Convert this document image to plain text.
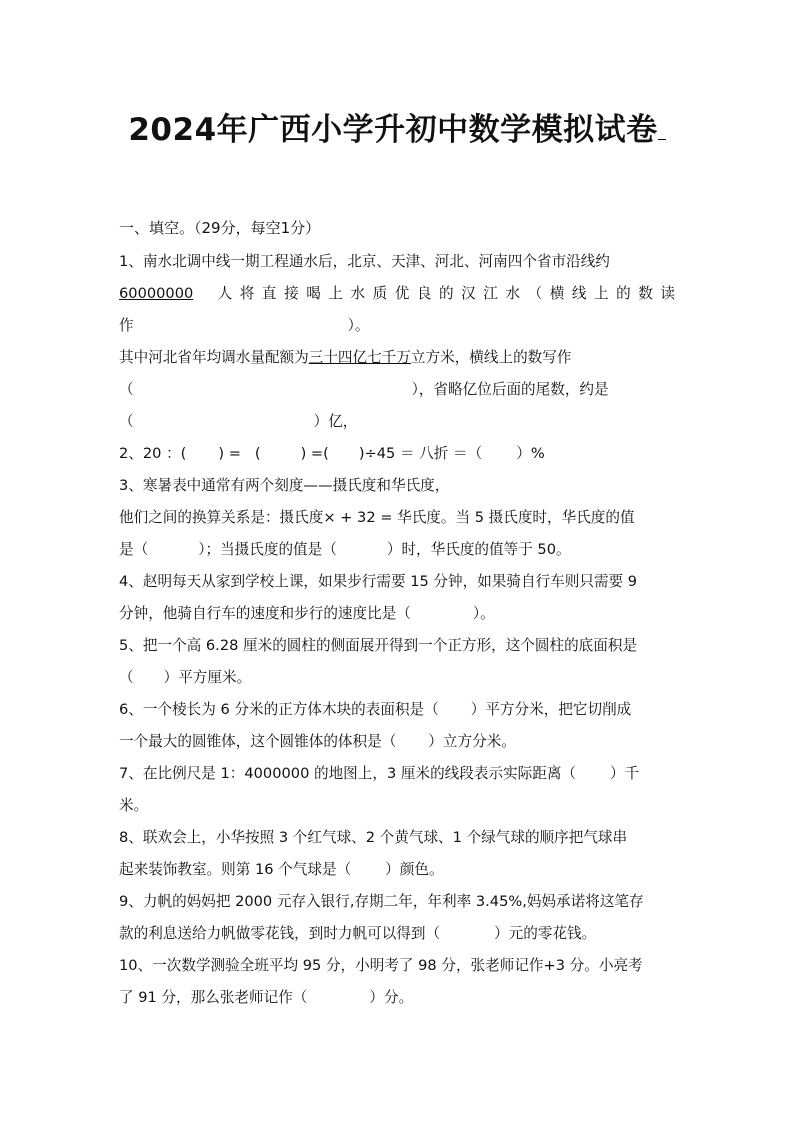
2024年广西小学升初中数学模拟试卷
一、填空。（29分，每空1分）
1、南水北调中线一期工程通水后，北京、天津、河北、河南四个省市沿线约
60000000 人将直接喝上水质优良的汉江水（横线上的数读
作	）。
其中河北省年均调水量配额为三十四亿七千万立方米，横线上的数写作
（	），省略亿位后面的尾数，约是
（	）亿，
2、20 ：( ) = (	) =( )÷45 ＝ 八折 ＝（ ）%
3、寒暑表中通常有两个刻度——摄氏度和华氏度，
他们之间的换算关系是：摄氏度× + 32 = 华氏度。当 5 摄氏度时，华氏度的值
是（	）；当摄氏度的值是（	）时，华氏度的值等于 50。
4、赵明每天从家到学校上课，如果步行需要 15 分钟，如果骑自行车则只需要 9
分钟，他骑自行车的速度和步行的速度比是（	）。
5、把一个高 6.28 厘米的圆柱的侧面展开得到一个正方形，这个圆柱的底面积是
（ ）平方厘米。
6、一个棱长为 6 分米的正方体木块的表面积是（ ）平方分米，把它切削成
一个最大的圆锥体，这个圆锥体的体积是（ ）立方分米。
7、在比例尺是 1：4000000 的地图上，3 厘米的线段表示实际距离（ ）千
米。
8、联欢会上，小华按照 3 个红气球、2 个黄气球、1 个绿气球的顺序把气球串
起来装饰教室。则第 16 个气球是（ ）颜色。
9、力帆的妈妈把 2000 元存入银行,存期二年，年利率 3.45%,妈妈承诺将这笔存
款的利息送给力帆做零花钱，到时力帆可以得到（	）元的零花钱。
10、一次数学测验全班平均 95 分，小明考了 98 分，张老师记作+3 分。小亮考
了 91 分，那么张老师记作（	）分。
